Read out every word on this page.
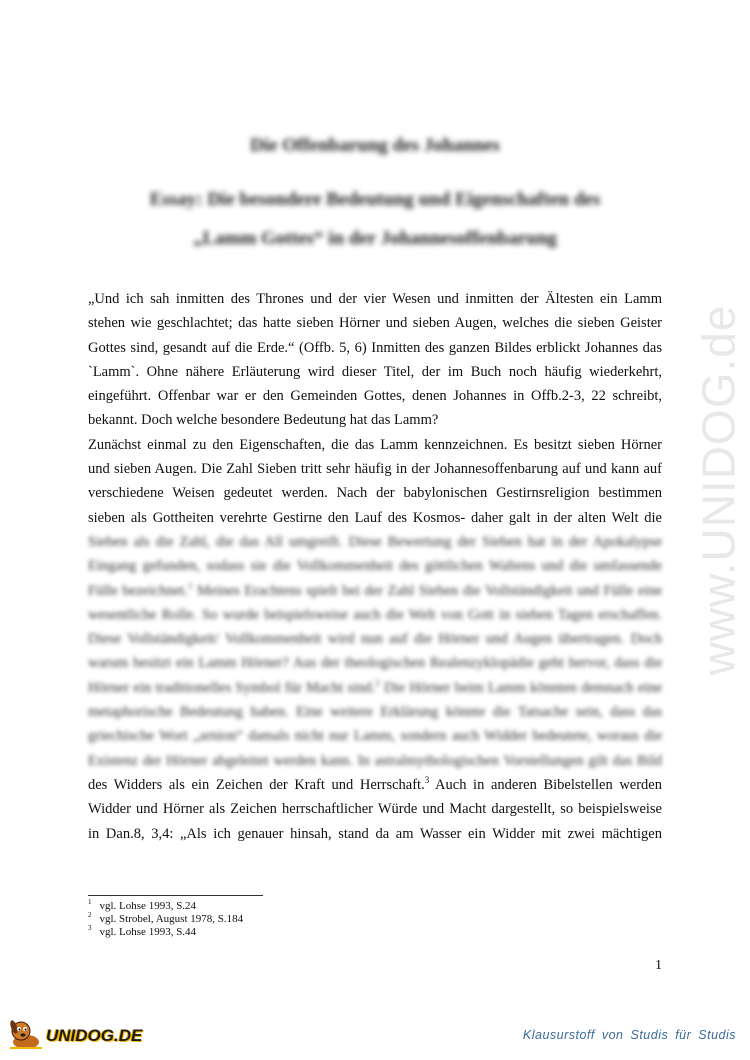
www.UNIDOG.de
Die Offenbarung des Johannes
Essay: Die besondere Bedeutung und Eigenschaften des
„Lamm Gottes“ in der Johannesoffenbarung
„Und ich sah inmitten des Thrones und der vier Wesen und inmitten der Ältesten ein Lamm
stehen wie geschlachtet; das hatte sieben Hörner und sieben Augen, welches die sieben Geister
Gottes sind, gesandt auf die Erde.“ (Offb. 5, 6) Inmitten des ganzen Bildes erblickt Johannes das
`Lamm`. Ohne nähere Erläuterung wird dieser Titel, der im Buch noch häufig wiederkehrt,
eingeführt. Offenbar war er den Gemeinden Gottes, denen Johannes in Offb.2-3, 22 schreibt,
bekannt. Doch welche besondere Bedeutung hat das Lamm?
Zunächst einmal zu den Eigenschaften, die das Lamm kennzeichnen. Es besitzt sieben Hörner
und sieben Augen. Die Zahl Sieben tritt sehr häufig in der Johannesoffenbarung auf und kann auf
verschiedene Weisen gedeutet werden. Nach der babylonischen Gestirnsreligion bestimmen
sieben als Gottheiten verehrte Gestirne den Lauf des Kosmos- daher galt in der alten Welt die
Sieben als die Zahl, die das All umgreift. Diese Bewertung der Sieben hat in der Apokalypse
Eingang gefunden, sodass sie die Vollkommenheit des göttlichen Waltens und die umfassende
Fülle bezeichnet.$^1$ Meines Erachtens spielt bei der Zahl Sieben die Vollständigkeit und Fülle eine
wesentliche Rolle. So wurde beispielsweise auch die Welt von Gott in sieben Tagen erschaffen.
Diese Vollständigkeit/ Vollkommenheit wird nun auf die Hörner und Augen übertragen. Doch
warum besitzt ein Lamm Hörner? Aus der theologischen Realenzyklopädie geht hervor, dass die
Hörner ein traditionelles Symbol für Macht sind.$^2$ Die Hörner beim Lamm könnten demnach eine
metaphorische Bedeutung haben. Eine weitere Erklärung könnte die Tatsache sein, dass das
griechische Wort „arnion“ damals nicht nur Lamm, sondern auch Widder bedeutete, woraus die
Existenz der Hörner abgeleitet werden kann. In astralmythologischen Vorstellungen gilt das Bild
des Widders als ein Zeichen der Kraft und Herrschaft.$^3$ Auch in anderen Bibelstellen werden
Widder und Hörner als Zeichen herrschaftlicher Würde und Macht dargestellt, so beispielsweise
in Dan.8, 3,4: „Als ich genauer hinsah, stand da am Wasser ein Widder mit zwei mächtigen
$^1$ vgl. Lohse 1993, S.24
$^2$ vgl. Strobel, August 1978, S.184
$^3$ vgl. Lohse 1993, S.44
1
UNIDOG.DE	Klausurstoff von Studis für Studis
